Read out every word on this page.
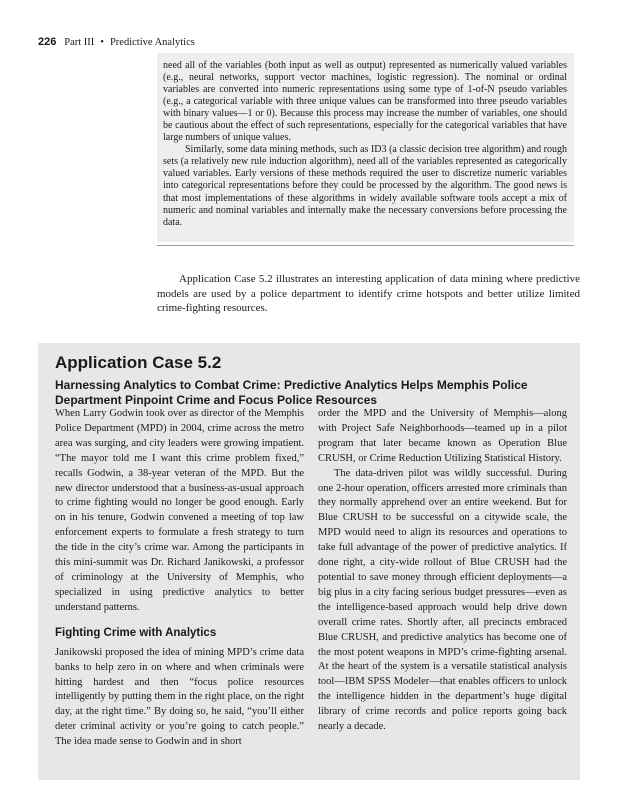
226 Part III • Predictive Analytics

need all of the variables (both input as well as output) represented as numerically valued variables (e.g., neural networks, support vector machines, logistic regression). The nominal or ordinal variables are converted into numeric representations using some type of 1-of-N pseudo variables (e.g., a categorical variable with three unique values can be transformed into three pseudo variables with binary values—1 or 0). Because this process may increase the number of variables, one should be cautious about the effect of such representations, especially for the categorical variables that have large numbers of unique values.

Similarly, some data mining methods, such as ID3 (a classic decision tree algorithm) and rough sets (a relatively new rule induction algorithm), need all of the variables represented as categorically valued variables. Early versions of these methods required the user to discretize numeric variables into categorical representations before they could be processed by the algorithm. The good news is that most implementations of these algorithms in widely available software tools accept a mix of numeric and nominal variables and internally make the necessary conversions before processing the data.

Application Case 5.2 illustrates an interesting application of data mining where predictive models are used by a police department to identify crime hotspots and better utilize limited crime-fighting resources.

Application Case 5.2
Harnessing Analytics to Combat Crime: Predictive Analytics Helps Memphis Police Department Pinpoint Crime and Focus Police Resources

When Larry Godwin took over as director of the Memphis Police Department (MPD) in 2004, crime across the metro area was surging, and city leaders were growing impatient. “The mayor told me I want this crime problem fixed,” recalls Godwin, a 38-year veteran of the MPD. But the new director understood that a business-as-usual approach to crime fighting would no longer be good enough. Early on in his tenure, Godwin convened a meeting of top law enforcement experts to formulate a fresh strategy to turn the tide in the city’s crime war. Among the participants in this mini-summit was Dr. Richard Janikowski, a professor of criminology at the University of Memphis, who specialized in using predictive analytics to better understand patterns.

Fighting Crime with Analytics

Janikowski proposed the idea of mining MPD’s crime data banks to help zero in on where and when criminals were hitting hardest and then “focus police resources intelligently by putting them in the right place, on the right day, at the right time.” By doing so, he said, “you’ll either deter criminal activity or you’re going to catch people.” The idea made sense to Godwin and in short

order the MPD and the University of Memphis—along with Project Safe Neighborhoods—teamed up in a pilot program that later became known as Operation Blue CRUSH, or Crime Reduction Utilizing Statistical History.

The data-driven pilot was wildly successful. During one 2-hour operation, officers arrested more criminals than they normally apprehend over an entire weekend. But for Blue CRUSH to be successful on a citywide scale, the MPD would need to align its resources and operations to take full advantage of the power of predictive analytics. If done right, a city-wide rollout of Blue CRUSH had the potential to save money through efficient deployments—a big plus in a city facing serious budget pressures—even as the intelligence-based approach would help drive down overall crime rates. Shortly after, all precincts embraced Blue CRUSH, and predictive analytics has become one of the most potent weapons in MPD’s crime-fighting arsenal. At the heart of the system is a versatile statistical analysis tool—IBM SPSS Modeler—that enables officers to unlock the intelligence hidden in the department’s huge digital library of crime records and police reports going back nearly a decade.
